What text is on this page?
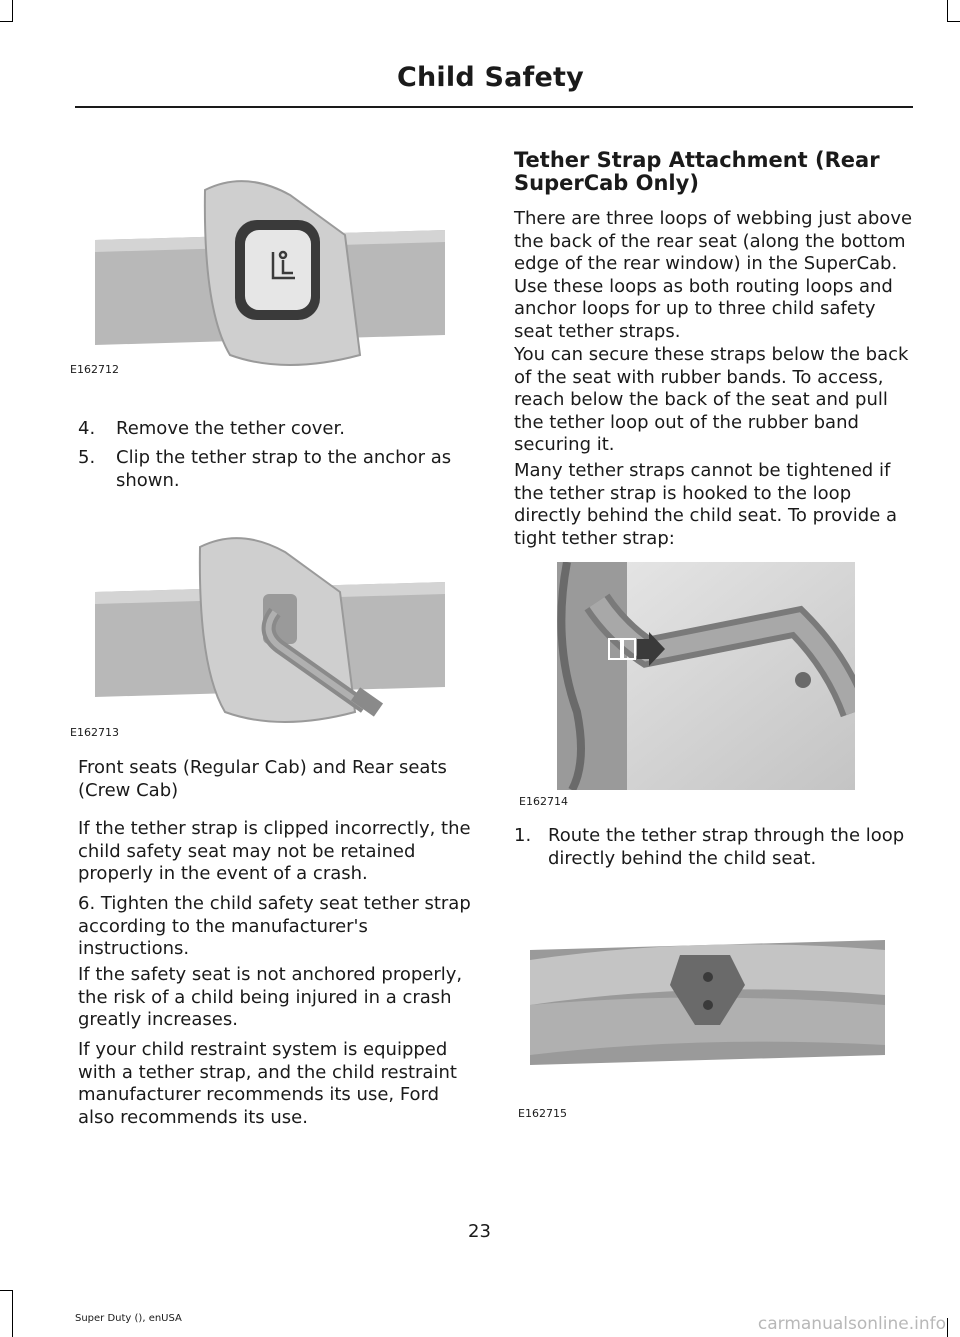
Child Safety
E162712
4.	Remove the tether cover.
5.	Clip the tether strap to the anchor as shown.
E162713

Front seats (Regular Cab) and Rear seats (Crew Cab)

If the tether strap is clipped incorrectly, the child safety seat may not be retained properly in the event of a crash.

6. Tighten the child safety seat tether strap according to the manufacturer's instructions.

If the safety seat is not anchored properly, the risk of a child being injured in a crash greatly increases.

If your child restraint system is equipped with a tether strap, and the child restraint manufacturer recommends its use, Ford also recommends its use.

Tether Strap Attachment (Rear SuperCab Only)

There are three loops of webbing just above the back of the rear seat (along the bottom edge of the rear window) in the SuperCab. Use these loops as both routing loops and anchor loops for up to three child safety seat tether straps.

You can secure these straps below the back of the seat with rubber bands. To access, reach below the back of the seat and pull the tether loop out of the rubber band securing it.

Many tether straps cannot be tightened if the tether strap is hooked to the loop directly behind the child seat. To provide a tight tether strap:

E162714
1. Route the tether strap through the loop directly behind the child seat.
E162715
23
Super Duty (), enUSA	carmanualsonline.info
